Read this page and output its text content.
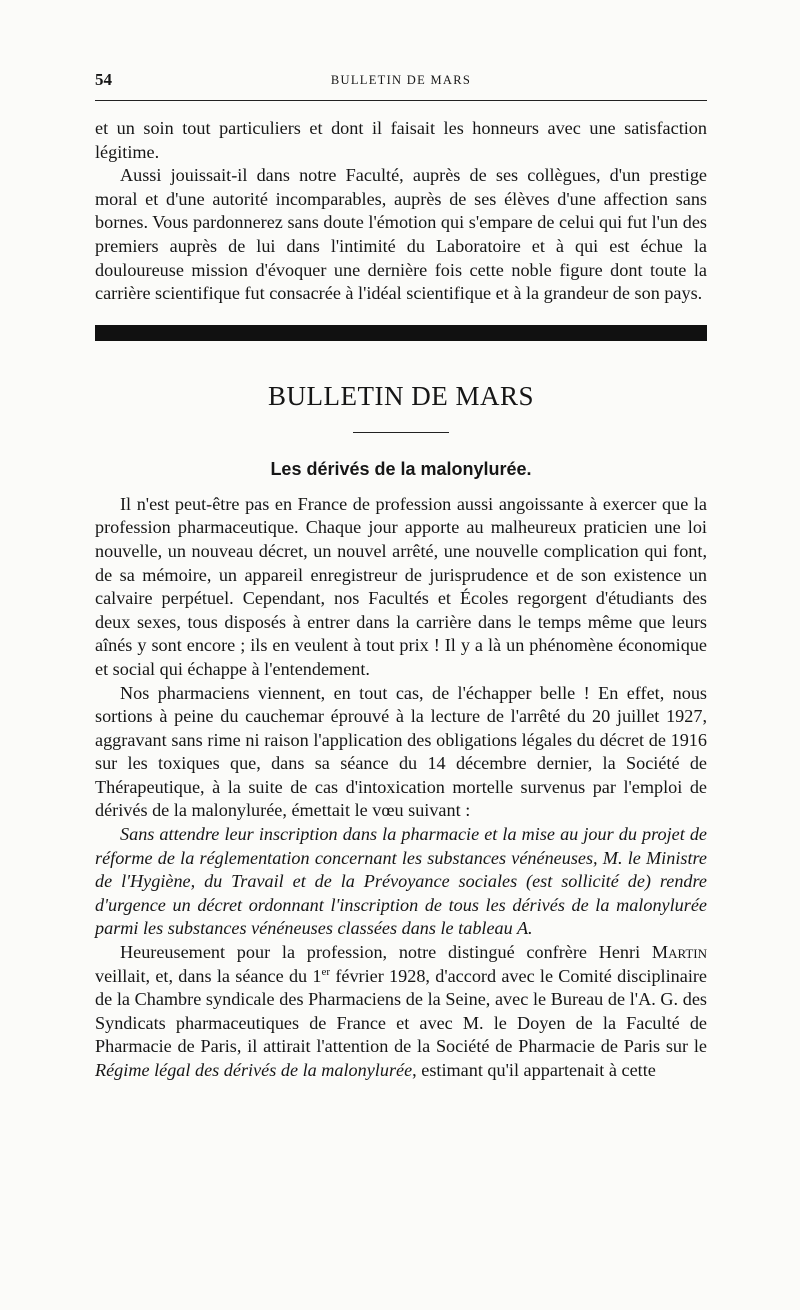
54	BULLETIN DE MARS

et un soin tout particuliers et dont il faisait les honneurs avec une satisfaction légitime.

Aussi jouissait-il dans notre Faculté, auprès de ses collègues, d'un prestige moral et d'une autorité incomparables, auprès de ses élèves d'une affection sans bornes. Vous pardonnerez sans doute l'émotion qui s'empare de celui qui fut l'un des premiers auprès de lui dans l'intimité du Laboratoire et à qui est échue la douloureuse mission d'évoquer une dernière fois cette noble figure dont toute la carrière scientifique fut consacrée à l'idéal scientifique et à la grandeur de son pays.

BULLETIN DE MARS
Les dérivés de la malonylurée.

Il n'est peut-être pas en France de profession aussi angoissante à exercer que la profession pharmaceutique. Chaque jour apporte au malheureux praticien une loi nouvelle, un nouveau décret, un nouvel arrêté, une nouvelle complication qui font, de sa mémoire, un appareil enregistreur de jurisprudence et de son existence un calvaire perpétuel. Cependant, nos Facultés et Écoles regorgent d'étudiants des deux sexes, tous disposés à entrer dans la carrière dans le temps même que leurs aînés y sont encore ; ils en veulent à tout prix ! Il y a là un phénomène économique et social qui échappe à l'entendement.

Nos pharmaciens viennent, en tout cas, de l'échapper belle ! En effet, nous sortions à peine du cauchemar éprouvé à la lecture de l'arrêté du 20 juillet 1927, aggravant sans rime ni raison l'application des obligations légales du décret de 1916 sur les toxiques que, dans sa séance du 14 décembre dernier, la Société de Thérapeutique, à la suite de cas d'intoxication mortelle survenus par l'emploi de dérivés de la malonylurée, émettait le vœu suivant :

Sans attendre leur inscription dans la pharmacie et la mise au jour du projet de réforme de la réglementation concernant les substances vénéneuses, M. le Ministre de l'Hygiène, du Travail et de la Prévoyance sociales (est sollicité de) rendre d'urgence un décret ordonnant l'inscription de tous les dérivés de la malonylurée parmi les substances vénéneuses classées dans le tableau A.

Heureusement pour la profession, notre distingué confrère Henri Martin veillait, et, dans la séance du 1er février 1928, d'accord avec le Comité disciplinaire de la Chambre syndicale des Pharmaciens de la Seine, avec le Bureau de l'A. G. des Syndicats pharmaceutiques de France et avec M. le Doyen de la Faculté de Pharmacie de Paris, il attirait l'attention de la Société de Pharmacie de Paris sur le Régime légal des dérivés de la malonylurée, estimant qu'il appartenait à cette
